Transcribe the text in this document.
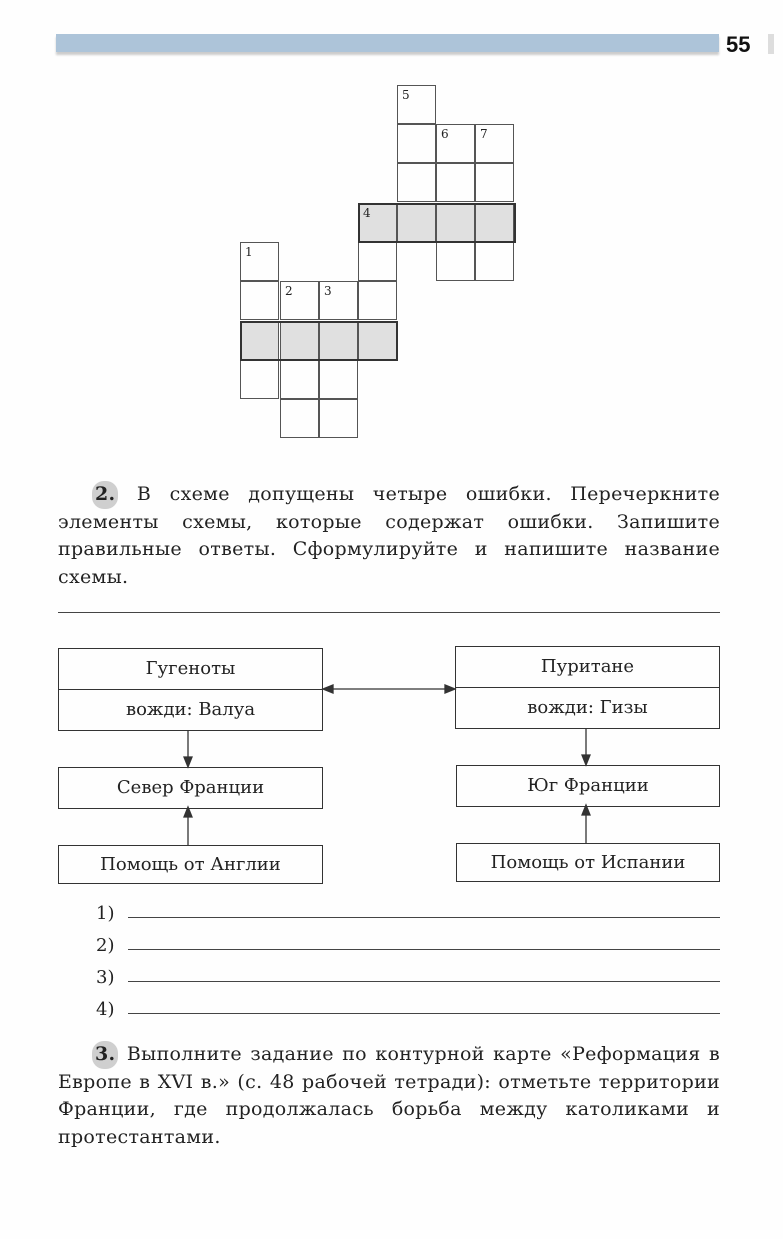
55
5
6	7
4
1
2	3
2. В схеме допущены четыре ошибки. Перечеркните элементы схемы, которые содержат ошибки. Запишите правильные ответы. Сформулируйте и напишите название схемы.
Гугеноты
вожди: Валуа
Пуритане
вожди: Гизы
Север Франции	Юг Франции
Помощь от Англии	Помощь от Испании
1)
2)
3)
4)
3. Выполните задание по контурной карте «Реформация в Европе в XVI в.» (с. 48 рабочей тетради): отметьте территории Франции, где продолжалась борьба между католиками и протестантами.
